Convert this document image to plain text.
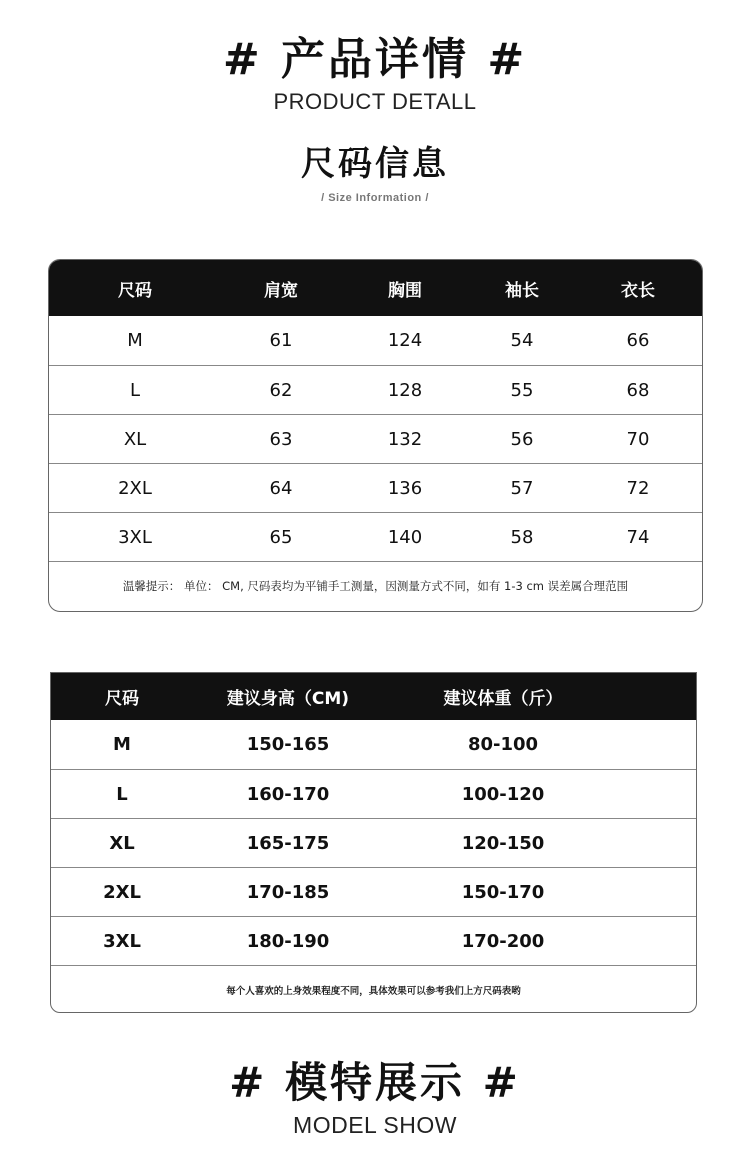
# 产品详情 #
PRODUCT DETALL
尺码信息
/ Size Information /
尺码	肩宽	胸围	袖长	衣长
M	61	124	54	66
L	62	128	55	68
XL	63	132	56	70
2XL	64	136	57	72
3XL	65	140	58	74
温馨提示： 单位： CM, 尺码表均为平铺手工测量，因测量方式不同，如有 1-3 cm 误差属合理范围
尺码	建议身高（CM)	建议体重（斤）
M	150-165	80-100
L	160-170	100-120
XL	165-175	120-150
2XL	170-185	150-170
3XL	180-190	170-200
每个人喜欢的上身效果程度不同，具体效果可以参考我们上方尺码表哟
# 模特展示 #
MODEL SHOW
